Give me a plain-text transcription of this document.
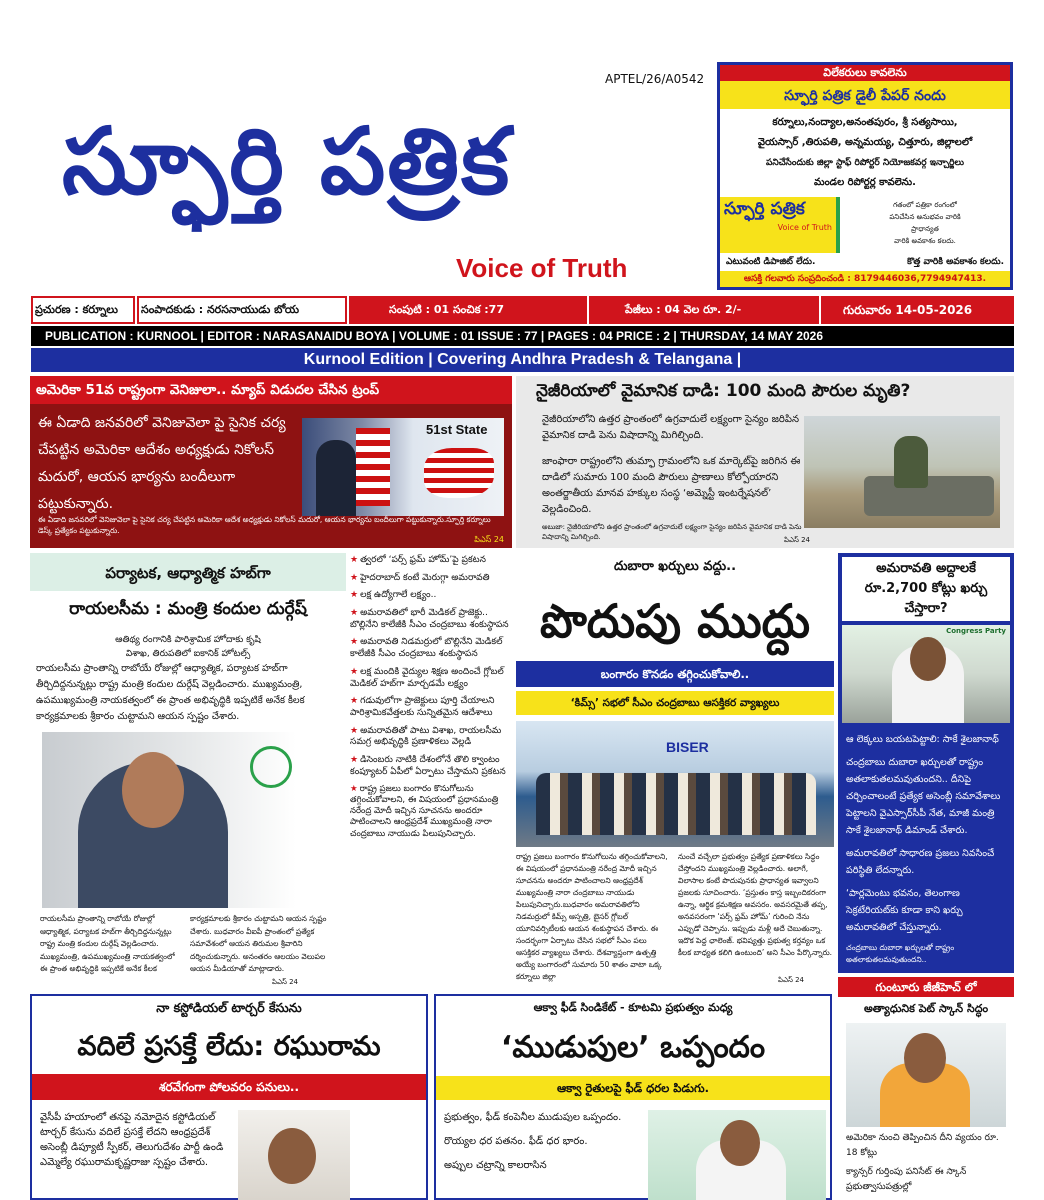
స్ఫూర్తి పత్రిక
APTEL/26/A0542
Voice of Truth
విలేకరులు కావలెను
స్ఫూర్తి పత్రిక డైలీ పేపర్ నందు
కర్నూలు,నంద్యాల,అనంతపురం, శ్రీ సత్యసాయి,
వైయస్సార్ ,తిరుపతి, అన్నమయ్య, చిత్తూరు, జిల్లాలలో
పనిచేసేందుకు జిల్లా స్టాఫ్ రిపోర్టర్ నియోజకవర్గ ఇన్చార్జిలు
మండల రిపోర్టర్ల కావలెను.
స్ఫూర్తి పత్రిక
Voice of Truth
గతంలో పత్రికా రంగంలో
పనిచేసిన అనుభవం వారికి
ప్రాధాన్యత
వారికి అవకాశం కలదు.
ఎటువంటి డిపాజిట్ లేదు.	కొత్త వారికి అవకాశం కలదు.
ఆసక్తి గలవారు సంప్రదించండి : 8179446036,7794947413.
ప్రచురణ : కర్నూలు	సంపాదకుడు : నరసనాయుడు బోయ	సంపుటి : 01 సంచిక :77	పేజీలు : 04 వెల రూ. 2/-	గురువారం 14-05-2026
PUBLICATION : KURNOOL | EDITOR : NARASANAIDU BOYA | VOLUME : 01 ISSUE : 77 | PAGES : 04 PRICE : 2 | THURSDAY, 14 MAY 2026
Kurnool Edition | Covering Andhra Pradesh & Telangana |
అమెరికా 51వ రాష్ట్రంగా వెనిజులా.. మ్యాప్ విడుదల చేసిన ట్రంప్
ఈ ఏడాది జనవరిలో వెనిజువెలా పై సైనిక చర్య చేపట్టిన అమెరికా ఆదేశం అధ్యక్షుడు నికోలస్ మదురో, ఆయన భార్యను బందీలుగా పట్టుకున్నారు.
51st State
ఈ ఏడాది జనవరిలో వెనిజువెలా పై సైనిక చర్య చేపట్టిన అమెరికా ఆదేశ అధ్యక్షుడు నికోలస్ మదురో, ఆయన భార్యను బందీలుగా పట్టుకున్నారు.స్ఫూర్తి కర్నూలు డెస్క్ ప్రత్యేకం పట్టుకున్నారు.
పిఎస్ 24
నైజీరియాలో వైమానిక దాడి: 100 మంది పౌరుల మృతి?
నైజీరియాలోని ఉత్తర ప్రాంతంలో ఉగ్రవాదులే లక్ష్యంగా సైన్యం జరిపిన వైమానిక దాడి పెను విషాదాన్ని మిగిల్చింది.
జాంఫారా రాష్ట్రంలోని తుమ్ఫా గ్రామంలోని ఒక మార్కెట్‌పై జరిగిన ఈ దాడిలో సుమారు 100 మంది పౌరులు ప్రాణాలు కోల్పోయారని అంతర్జాతీయ మానవ హక్కుల సంస్థ ‘అమ్నెస్టీ ఇంటర్నేషనల్’ వెల్లడించింది.
అబుజా: నైజీరియాలోని ఉత్తర ప్రాంతంలో ఉగ్రవాదులే లక్ష్యంగా సైన్యం జరిపిన వైమానిక దాడి పెను విషాదాన్ని మిగిల్చింది.	పిఎస్ 24
పర్యాటక, ఆధ్యాత్మిక హబ్‌గా
రాయలసీమ : మంత్రి కందుల దుర్గేష్
ఆతిథ్య రంగానికి పారిశ్రామిక హోదాకు కృషి
విశాఖ, తిరుపతిలో ఐకానిక్ హోటల్స్
రాయలసీమ ప్రాంతాన్ని రాబోయే రోజుల్లో ఆధ్యాత్మిక, పర్యాటక హబ్‌గా తీర్చిదిద్దనున్నట్లు రాష్ట్ర మంత్రి కందుల దుర్గేష్ వెల్లడించారు. ముఖ్యమంత్రి, ఉపముఖ్యమంత్రి నాయకత్వంలో ఈ ప్రాంత అభివృద్ధికి ఇప్పటికే అనేక కీలక కార్యక్రమాలకు శ్రీకారం చుట్టామని ఆయన స్పష్టం చేశారు.
రాయలసీమ ప్రాంతాన్ని రాబోయే రోజుల్లో ఆధ్యాత్మిక, పర్యాటక హబ్‌గా తీర్చిదిద్దనున్నట్లు రాష్ట్ర మంత్రి కందుల దుర్గేష్ వెల్లడించారు. ముఖ్యమంత్రి, ఉపముఖ్యమంత్రి నాయకత్వంలో ఈ ప్రాంత అభివృద్ధికి ఇప్పటికే అనేక కీలక
కార్యక్రమాలకు శ్రీకారం చుట్టామని ఆయన స్పష్టం చేశారు. బుధవారం వీఐపీ ప్రాంతంలో ప్రత్యేక సమావేశంలో ఆయన తిరుమల శ్రీవారిని దర్శించుకున్నారు. అనంతరం ఆలయం వెలుపల ఆయన మీడియాతో మాట్లాడారు.
పిఎస్ 24
★ త్వరలో ‘పర్స్ ఫ్రమ్ హోమ్’పై ప్రకటన
★ హైదరాబాద్ కంటే మెరుగ్గా అమరావతి
★ లక్ష ఉద్యోగాలే లక్ష్యం..
★ అమరావతిలో భారీ మెడికల్ ప్రాజెక్టు.. బొల్లినేని కాలేజీకి సీఎం చంద్రబాబు శంకుస్థాపన
★ అమరావతి నిడమర్రులో బొల్లినేని మెడికల్ కాలేజీకి సీఎం చంద్రబాబు శంకుస్థాపన
★ లక్ష మందికి వైద్యుల శిక్షణ అందించే గ్లోబల్ మెడికల్ హబ్‌గా మార్చడమే లక్ష్యం
★ గడువులోగా ప్రాజెక్టులు పూర్తి చేయాలని పారిశ్రామికవేత్తలకు సున్నితమైన ఆదేశాలు
★ అమరావతితో పాటు విశాఖ, రాయలసీమ సమగ్ర అభివృద్ధికి ప్రణాళికలు వెల్లడి
★ డిసెంబరు నాటికి దేశంలోనే తొలి క్వాంటం కంప్యూటర్ ఏపీలో ఏర్పాటు చేస్తామని ప్రకటన
★ రాష్ట్ర ప్రజలు బంగారం కొనుగోలును తగ్గించుకోవాలని, ఈ విషయంలో ప్రధానమంత్రి నరేంద్ర మోదీ ఇచ్చిన సూచనను అందరూ పాటించాలని ఆంధ్రప్రదేశ్ ముఖ్యమంత్రి నారా చంద్రబాబు నాయుడు పిలుపునిచ్చారు.
దుబారా ఖర్చులు వద్దు..
పొదుపు ముద్దు
బంగారం కొనడం తగ్గించుకోవాలి..
‘కిమ్స్’ సభలో సీఎం చంద్రబాబు ఆసక్తికర వ్యాఖ్యలు
BISER
రాష్ట్ర ప్రజలు బంగారం కొనుగోలును తగ్గించుకోవాలని, ఈ విషయంలో ప్రధానమంత్రి నరేంద్ర మోదీ ఇచ్చిన సూచనను అందరూ పాటించాలని ఆంధ్రప్రదేశ్ ముఖ్యమంత్రి నారా చంద్రబాబు నాయుడు పిలుపునిచ్చారు.బుధవారం అమరావతిలోని నిడమర్రులో కిమ్స్ ఆస్పత్రి, బైసర్ గ్లోబల్ యూనివర్సిటీలకు ఆయన శంకుస్థాపన చేశారు. ఈ సందర్భంగా ఏర్పాటు చేసిన సభలో సీఎం పలు ఆసక్తికర వ్యాఖ్యలు చేశారు. దేశవ్యాప్తంగా ఉత్పత్తి అయ్యే బంగారంలో సుమారు 50 శాతం వాటా ఒక్క కర్నూలు జిల్లా
నుంచే వచ్చేలా ప్రభుత్వం ప్రత్యేక ప్రణాళికలు సిద్ధం చేస్తోందని ముఖ్యమంత్రి వెల్లడించారు. అలాగే, విలాసాల కంటే పొదుపునకు ప్రాధాన్యత ఇవ్వాలని ప్రజలకు సూచించారు. ‘ప్రస్తుతం కాస్త ఇబ్బందికరంగా ఉన్నా, ఆర్థిక క్రమశిక్షణ అవసరం. అవసరమైతే తప్ప, అనవసరంగా ‘పర్స్ ఫ్రమ్ హోమ్’ గురించి నేను ఎప్పుడో చెప్పాను. ఇప్పుడు మళ్లీ అదే చెబుతున్నా. ఇదొక పెద్ద ఛాలెంజ్. భవిష్యత్తు ప్రభుత్వ కర్తవ్యం ఒక కీలక బాధ్యత కలిగి ఉంటుంది’ అని సీఎం పేర్కొన్నారు.
పిఎస్ 24
అమరావతి అద్దాలకే రూ.2,700 కోట్లు ఖర్చు చేస్తారా?
Congress Party
ఆ లెక్కలు బయటపెట్టాలి: సాకే శైలజానాథ్
చంద్రబాబు దుబారా ఖర్చులతో రాష్ట్రం అతలాకుతలమవుతుందని.. దీనిపై చర్చించాలంటే ప్రత్యేక అసెంబ్లీ సమావేశాలు పెట్టాలని వైఎస్సార్‌సీపీ నేత, మాజీ మంత్రి సాకే శైలజానాథ్ డిమాండ్ చేశారు.
అమరావతిలో సాధారణ ప్రజలు నివసించే పరిస్థితి లేదన్నారు.
‘పార్లమెంటు భవనం, తెలంగాణ సెక్రటేరియట్‌కు కూడా కాని ఖర్చు అమరావతిలో చేస్తున్నారు.
చంద్రబాబు దుబారా ఖర్చులతో రాష్ట్రం అతలాకుతలమవుతుందని..
నా కస్టోడియల్ టార్చర్ కేసును
వదిలే ప్రసక్తే లేదు: రఘురామ
శరవేగంగా పోలవరం పనులు..
వైసీపీ హయాంలో తనపై నమోదైన కస్టోడియల్ టార్చర్ కేసును వదిలే ప్రసక్తే లేదని ఆంధ్రప్రదేశ్ అసెంబ్లీ డిప్యూటీ స్పీకర్, తెలుగుదేశం పార్టీ ఉండి ఎమ్మెల్యే రఘురామకృష్ణరాజు స్పష్టం చేశారు.
ఆక్వా ఫీడ్ సిండికేట్ - కూటమి ప్రభుత్వం మధ్య
‘ముడుపుల’ ఒప్పందం
ఆక్వా రైతులపై ఫీడ్ ధరల పిడుగు.
ప్రభుత్వం, ఫీడ్ కంపెనీల ముడుపుల ఒప్పందం.
రొయ్యల ధర పతనం. ఫీడ్ ధర భారం.
అప్పుల చట్రాన్ని కాలరాసిన
గుంటూరు జీజీహెచ్ లో
అత్యాధునిక పెట్ స్కాన్ సిద్ధం
అమెరికా నుంచి తెప్పించిన దీని వ్యయం రూ. 18 కోట్లు
క్యాన్సర్ గుర్తింపు పనిసేట్ ఈ స్కాన్ ప్రభుత్వాసుపత్రుల్లో
